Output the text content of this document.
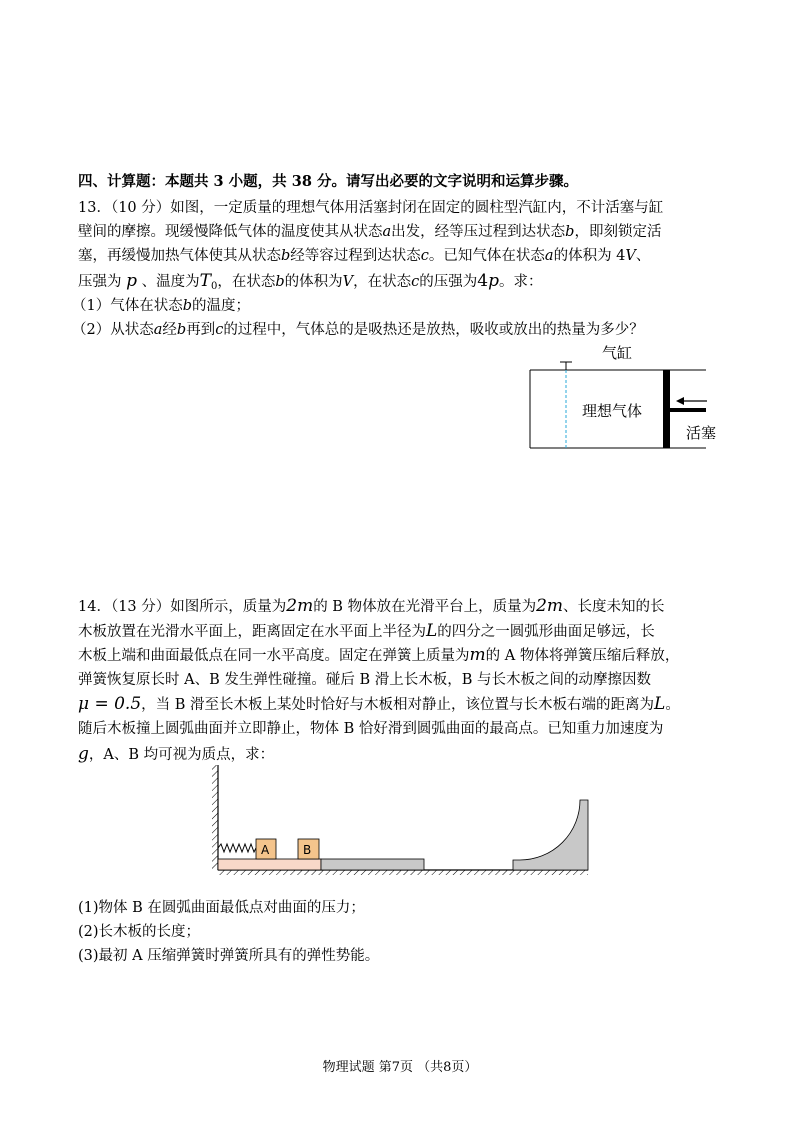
四、计算题：本题共 3 小题，共 38 分。请写出必要的文字说明和运算步骤。
13．（10 分）如图，一定质量的理想气体用活塞封闭在固定的圆柱型汽缸内，不计活塞与缸
壁间的摩擦。现缓慢降低气体的温度使其从状态a出发，经等压过程到达状态b，即刻锁定活
塞，再缓慢加热气体使其从状态b经等容过程到达状态c。已知气体在状态a的体积为 4V、
压强为 p 、温度为$T_0$，在状态b的体积为V，在状态c的压强为4p。求：
（1）气体在状态b的温度；
（2）从状态a经b再到c的过程中，气体总的是吸热还是放热，吸收或放出的热量为多少？
气缸
理想气体
活塞
14．（13 分）如图所示，质量为2m的 B 物体放在光滑平台上，质量为2m、长度未知的长
木板放置在光滑水平面上，距离固定在水平面上半径为L的四分之一圆弧形曲面足够远，长
木板上端和曲面最低点在同一水平高度。固定在弹簧上质量为m的 A 物体将弹簧压缩后释放，
弹簧恢复原长时 A、B 发生弹性碰撞。碰后 B 滑上长木板，B 与长木板之间的动摩擦因数
μ = 0.5，当 B 滑至长木板上某处时恰好与木板相对静止，该位置与长木板右端的距离为L。
随后木板撞上圆弧曲面并立即静止，物体 B 恰好滑到圆弧曲面的最高点。已知重力加速度为
g，A、B 均可视为质点，求：
A	B
(1)物体 B 在圆弧曲面最低点对曲面的压力；
(2)长木板的长度；
(3)最初 A 压缩弹簧时弹簧所具有的弹性势能。
物理试题 第7页 （共8页）
